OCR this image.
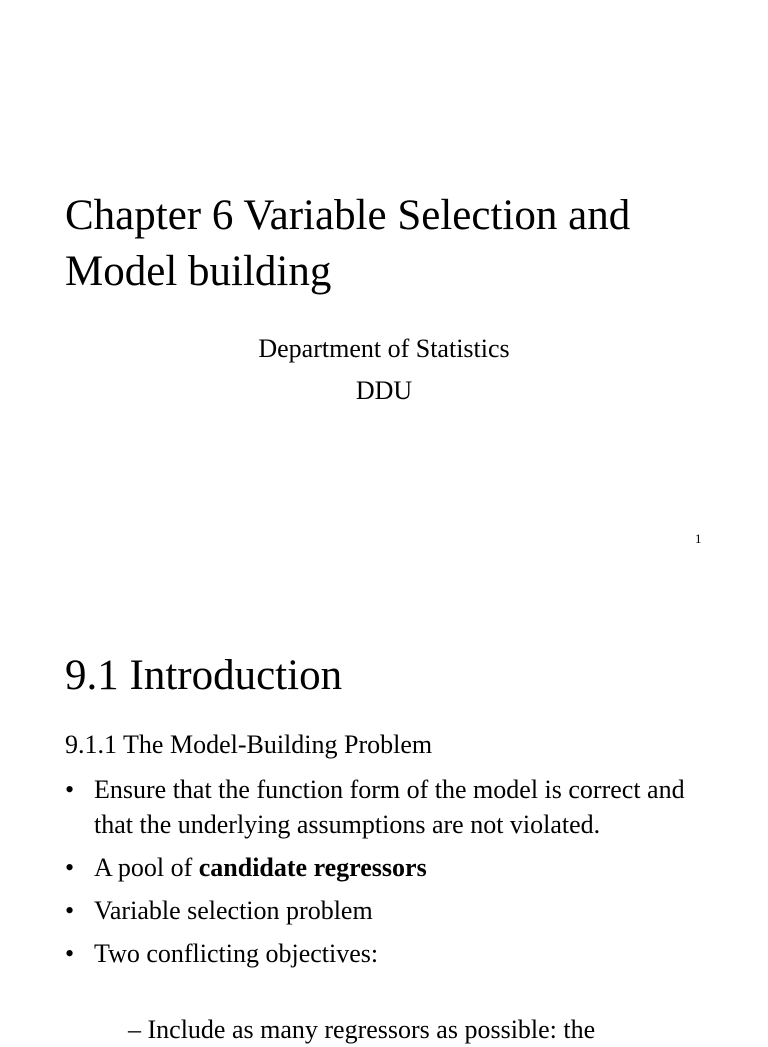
Chapter 6 Variable Selection and Model building

Department of Statistics

DDU

1
9.1 Introduction

9.1.1 The Model-Building Problem

• Ensure that the function form of the model is correct and that the underlying assumptions are not violated.
• A pool of candidate regressors
• Variable selection problem
• Two conflicting objectives:
– Include as many regressors as possible: the
